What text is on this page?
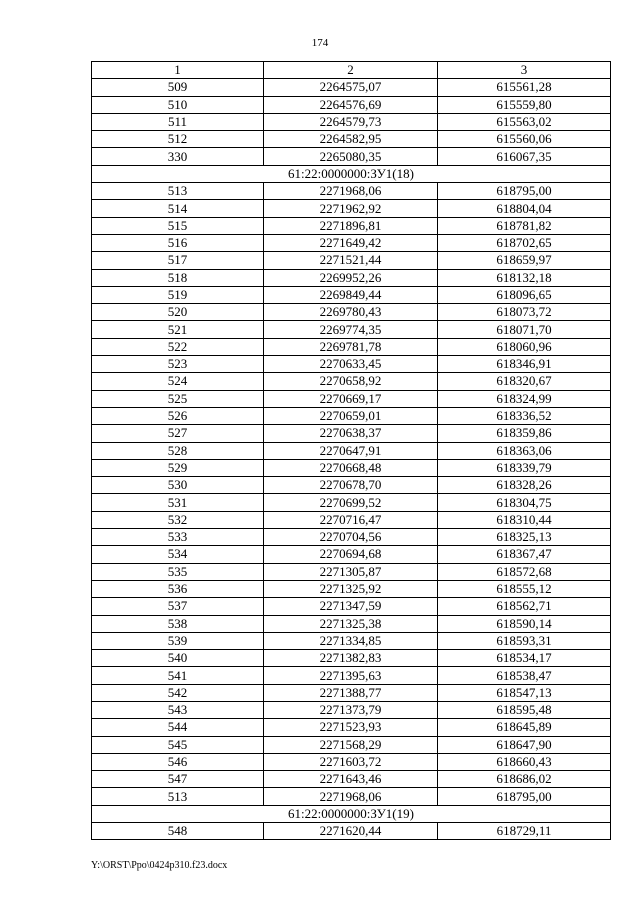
174
1	2	3
509	2264575,07	615561,28
510	2264576,69	615559,80
511	2264579,73	615563,02
512	2264582,95	615560,06
330	2265080,35	616067,35
61:22:0000000:ЗУ1(18)		
513	2271968,06	618795,00
514	2271962,92	618804,04
515	2271896,81	618781,82
516	2271649,42	618702,65
517	2271521,44	618659,97
518	2269952,26	618132,18
519	2269849,44	618096,65
520	2269780,43	618073,72
521	2269774,35	618071,70
522	2269781,78	618060,96
523	2270633,45	618346,91
524	2270658,92	618320,67
525	2270669,17	618324,99
526	2270659,01	618336,52
527	2270638,37	618359,86
528	2270647,91	618363,06
529	2270668,48	618339,79
530	2270678,70	618328,26
531	2270699,52	618304,75
532	2270716,47	618310,44
533	2270704,56	618325,13
534	2270694,68	618367,47
535	2271305,87	618572,68
536	2271325,92	618555,12
537	2271347,59	618562,71
538	2271325,38	618590,14
539	2271334,85	618593,31
540	2271382,83	618534,17
541	2271395,63	618538,47
542	2271388,77	618547,13
543	2271373,79	618595,48
544	2271523,93	618645,89
545	2271568,29	618647,90
546	2271603,72	618660,43
547	2271643,46	618686,02
513	2271968,06	618795,00
61:22:0000000:ЗУ1(19)		
548	2271620,44	618729,11
Y:\ORST\Ppo\0424p310.f23.docx
